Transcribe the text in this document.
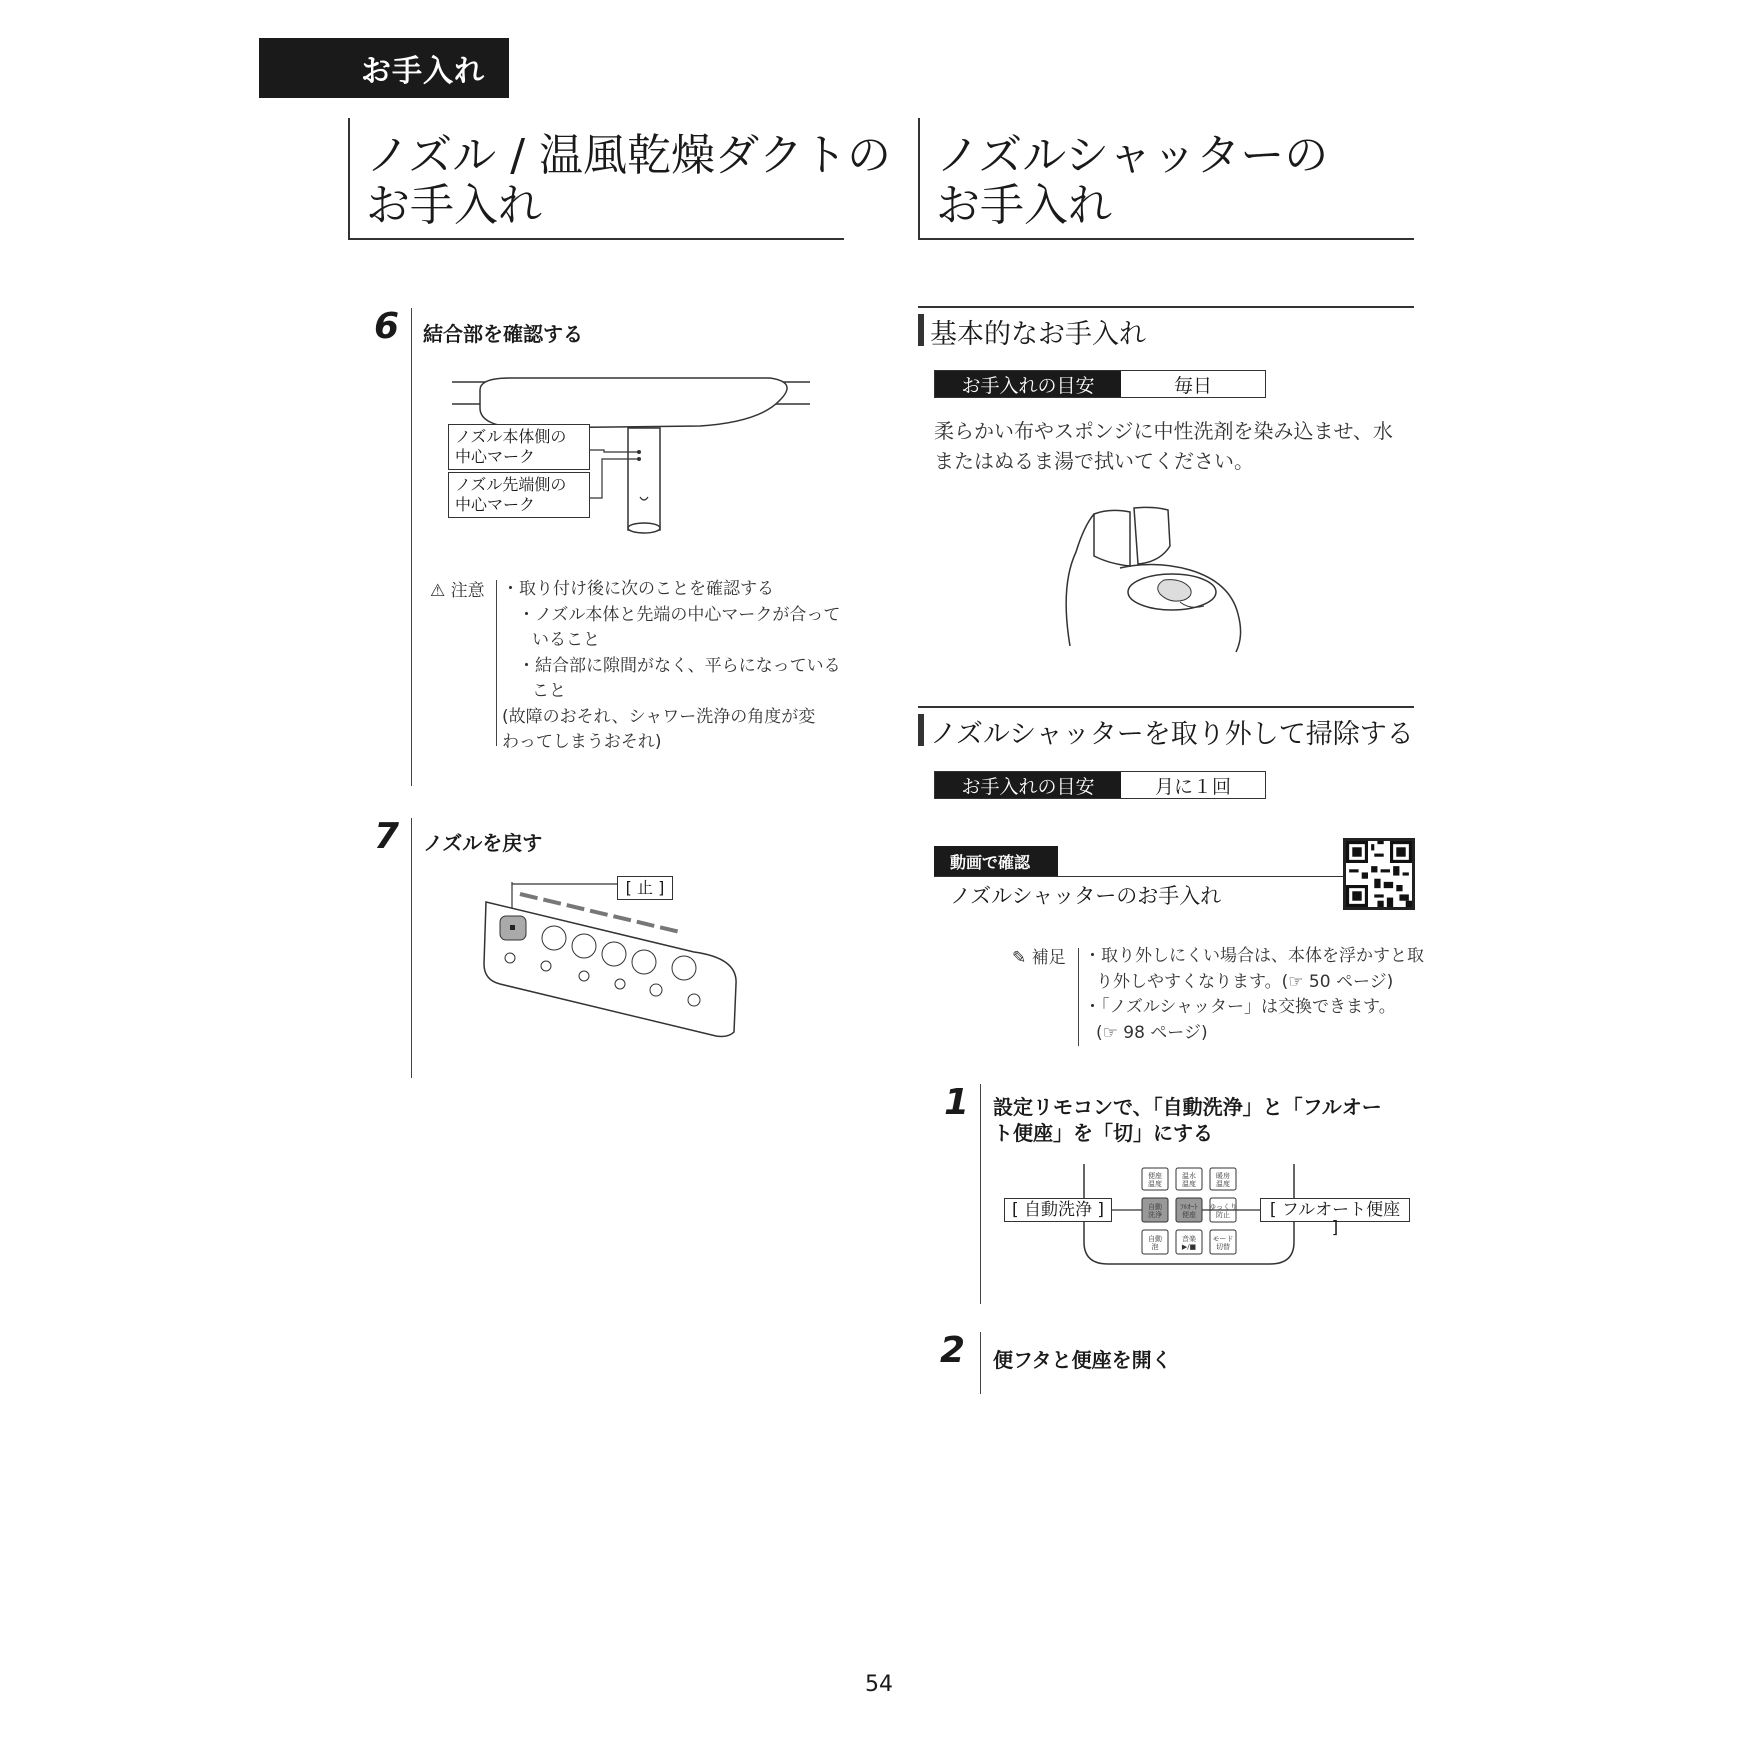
お手入れ
ノズル / 温風乾燥ダクトの
お手入れ
ノズルシャッターの
お手入れ
6 結合部を確認する
ノズル本体側の
中心マーク
ノズル先端側の
中心マーク
⚠ 注意 ・取り付け後に次のことを確認する
・ノズル本体と先端の中心マークが合って
いること
・結合部に隙間がなく、平らになっている
こと
(故障のおそれ、シャワー洗浄の角度が変
わってしまうおそれ)
7 ノズルを戻す
[ 止 ]
基本的なお手入れ
お手入れの目安	毎日
柔らかい布やスポンジに中性洗剤を染み込ませ、水
またはぬるま湯で拭いてください。
ノズルシャッターを取り外して掃除する
お手入れの目安	月に１回
動画で確認
ノズルシャッターのお手入れ
✎ 補足 ・取り外しにくい場合は、本体を浮かすと取
り外しやすくなります。(☞ 50 ページ)
・「ノズルシャッター」は交換できます。
(☞ 98 ページ)
1 設定リモコンで、「自動洗浄」と「フルオー
ト便座」を「切」にする
便座
温度
温水
温度
暖房
温度
自動
洗浄
ﾌﾙｵｰﾄ
便座
ゆっくり
防止
自動
泡
音楽
▶/■
モード
切替
[ 自動洗浄 ]	[ フルオート便座 ]
2 便フタと便座を開く
54
